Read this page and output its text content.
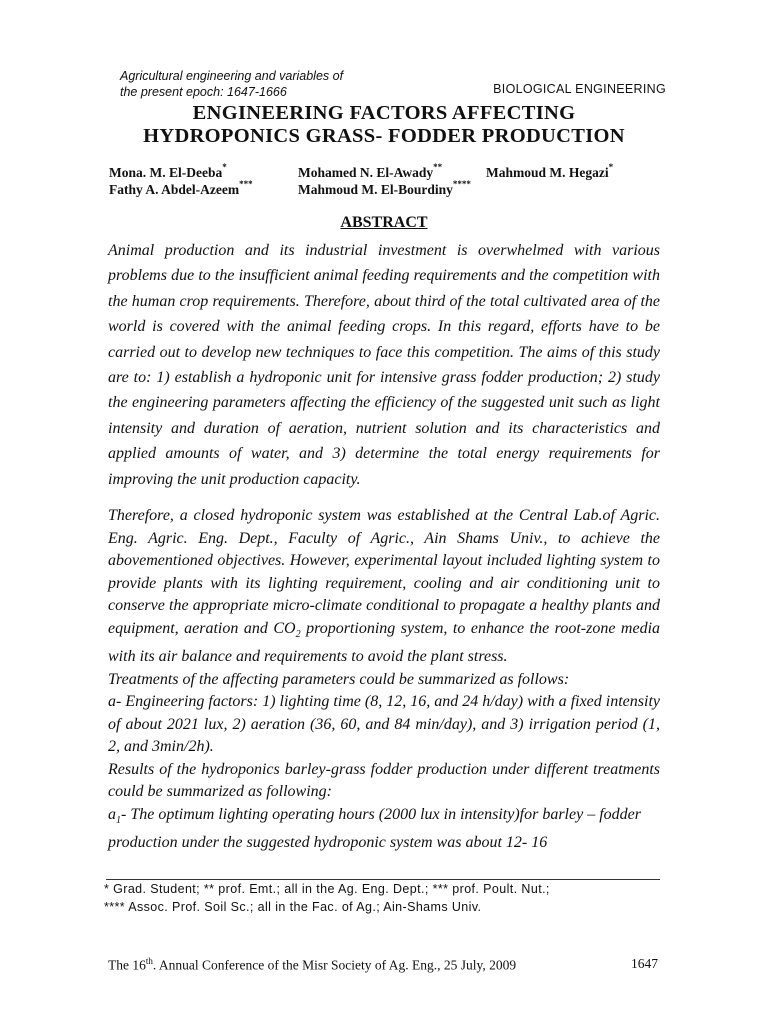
Agricultural engineering and variables of
the present epoch: 1647-1666	BIOLOGICAL ENGINEERING
ENGINEERING FACTORS AFFECTING
HYDROPONICS GRASS- FODDER PRODUCTION
Mona. M. El-Deeba*	Mohamed N. El-Awady**	Mahmoud M. Hegazi*
Fathy A. Abdel-Azeem***	Mahmoud M. El-Bourdiny****
ABSTRACT

Animal production and its industrial investment is overwhelmed with various problems due to the insufficient animal feeding requirements and the competition with the human crop requirements. Therefore, about third of the total cultivated area of the world is covered with the animal feeding crops. In this regard, efforts have to be carried out to develop new techniques to face this competition. The aims of this study are to: 1) establish a hydroponic unit for intensive grass fodder production; 2) study the engineering parameters affecting the efficiency of the suggested unit such as light intensity and duration of aeration, nutrient solution and its characteristics and applied amounts of water, and 3) determine the total energy requirements for improving the unit production capacity.

Therefore, a closed hydroponic system was established at the Central Lab.of Agric. Eng. Agric. Eng. Dept., Faculty of Agric., Ain Shams Univ., to achieve the abovementioned objectives. However, experimental layout included lighting system to provide plants with its lighting requirement, cooling and air conditioning unit to conserve the appropriate micro-climate conditional to propagate a healthy plants and equipment, aeration and $CO_2$ proportioning system, to enhance the root-zone media with its air balance and requirements to avoid the plant stress.

Treatments of the affecting parameters could be summarized as follows:

a- Engineering factors: 1) lighting time (8, 12, 16, and 24 h/day) with a fixed intensity of about 2021 lux, 2) aeration (36, 60, and 84 min/day), and 3) irrigation period (1, 2, and 3min/2h).

Results of the hydroponics barley-grass fodder production under different treatments could be summarized as following:

$a_1-$ The optimum lighting operating hours (2000 lux in intensity)for barley – fodder production under the suggested hydroponic system was about 12- 16

* Grad. Student; ** prof. Emt.; all in the Ag. Eng. Dept.; *** prof. Poult. Nut.;
**** Assoc. Prof. Soil Sc.; all in the Fac. of Ag.; Ain-Shams Univ.
The 16th. Annual Conference of the Misr Society of Ag. Eng., 25 July, 2009	1647
